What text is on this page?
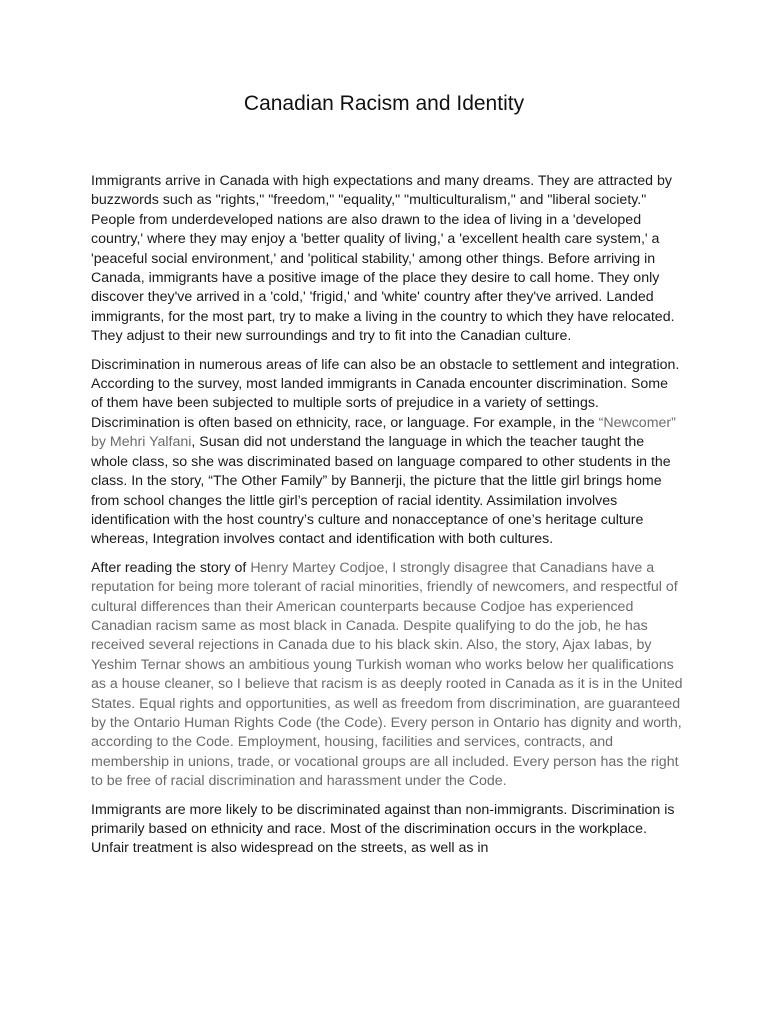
Canadian Racism and Identity

Immigrants arrive in Canada with high expectations and many dreams. They are attracted by buzzwords such as "rights," "freedom," "equality," "multiculturalism," and "liberal society." People from underdeveloped nations are also drawn to the idea of living in a 'developed country,' where they may enjoy a 'better quality of living,' a 'excellent health care system,' a 'peaceful social environment,' and 'political stability,' among other things. Before arriving in Canada, immigrants have a positive image of the place they desire to call home. They only discover they've arrived in a 'cold,' 'frigid,' and 'white' country after they've arrived. Landed immigrants, for the most part, try to make a living in the country to which they have relocated. They adjust to their new surroundings and try to fit into the Canadian culture.

Discrimination in numerous areas of life can also be an obstacle to settlement and integration. According to the survey, most landed immigrants in Canada encounter discrimination. Some of them have been subjected to multiple sorts of prejudice in a variety of settings. Discrimination is often based on ethnicity, race, or language. For example, in the “Newcomer” by Mehri Yalfani, Susan did not understand the language in which the teacher taught the whole class, so she was discriminated based on language compared to other students in the class. In the story, “The Other Family” by Bannerji, the picture that the little girl brings home from school changes the little girl’s perception of racial identity. Assimilation involves identification with the host country’s culture and nonacceptance of one’s heritage culture whereas, Integration involves contact and identification with both cultures.

After reading the story of Henry Martey Codjoe, I strongly disagree that Canadians have a reputation for being more tolerant of racial minorities, friendly of newcomers, and respectful of cultural differences than their American counterparts because Codjoe has experienced Canadian racism same as most black in Canada. Despite qualifying to do the job, he has received several rejections in Canada due to his black skin. Also, the story, Ajax Iabas, by Yeshim Ternar shows an ambitious young Turkish woman who works below her qualifications as a house cleaner, so I believe that racism is as deeply rooted in Canada as it is in the United States. Equal rights and opportunities, as well as freedom from discrimination, are guaranteed by the Ontario Human Rights Code (the Code). Every person in Ontario has dignity and worth, according to the Code. Employment, housing, facilities and services, contracts, and membership in unions, trade, or vocational groups are all included. Every person has the right to be free of racial discrimination and harassment under the Code.

Immigrants are more likely to be discriminated against than non-immigrants. Discrimination is primarily based on ethnicity and race. Most of the discrimination occurs in the workplace. Unfair treatment is also widespread on the streets, as well as in
